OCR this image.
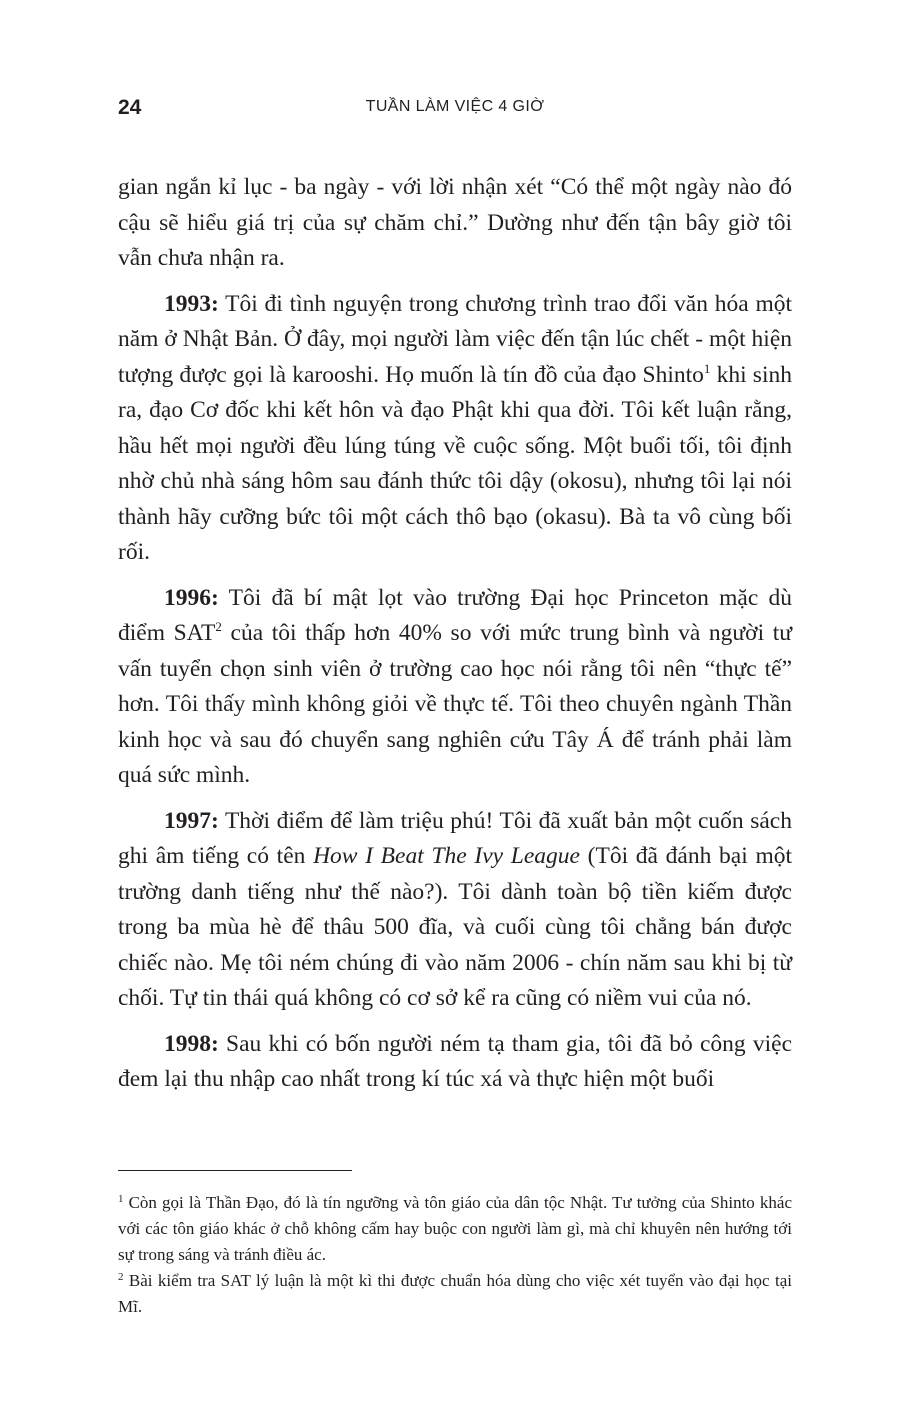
24	TUẦN LÀM VIỆC 4 GIỜ

gian ngắn kỉ lục - ba ngày - với lời nhận xét “Có thể một ngày nào đó cậu sẽ hiểu giá trị của sự chăm chỉ.” Dường như đến tận bây giờ tôi vẫn chưa nhận ra.

1993: Tôi đi tình nguyện trong chương trình trao đổi văn hóa một năm ở Nhật Bản. Ở đây, mọi người làm việc đến tận lúc chết - một hiện tượng được gọi là karooshi. Họ muốn là tín đồ của đạo Shinto$^1$ khi sinh ra, đạo Cơ đốc khi kết hôn và đạo Phật khi qua đời. Tôi kết luận rằng, hầu hết mọi người đều lúng túng về cuộc sống. Một buổi tối, tôi định nhờ chủ nhà sáng hôm sau đánh thức tôi dậy (okosu), nhưng tôi lại nói thành hãy cưỡng bức tôi một cách thô bạo (okasu). Bà ta vô cùng bối rối.

1996: Tôi đã bí mật lọt vào trường Đại học Princeton mặc dù điểm SAT$^2$ của tôi thấp hơn 40% so với mức trung bình và người tư vấn tuyển chọn sinh viên ở trường cao học nói rằng tôi nên “thực tế” hơn. Tôi thấy mình không giỏi về thực tế. Tôi theo chuyên ngành Thần kinh học và sau đó chuyển sang nghiên cứu Tây Á để tránh phải làm quá sức mình.

1997: Thời điểm để làm triệu phú! Tôi đã xuất bản một cuốn sách ghi âm tiếng có tên How I Beat The Ivy League (Tôi đã đánh bại một trường danh tiếng như thế nào?). Tôi dành toàn bộ tiền kiếm được trong ba mùa hè để thâu 500 đĩa, và cuối cùng tôi chẳng bán được chiếc nào. Mẹ tôi ném chúng đi vào năm 2006 - chín năm sau khi bị từ chối. Tự tin thái quá không có cơ sở kể ra cũng có niềm vui của nó.

1998: Sau khi có bốn người ném tạ tham gia, tôi đã bỏ công việc đem lại thu nhập cao nhất trong kí túc xá và thực hiện một buổi

$^1$ Còn gọi là Thần Đạo, đó là tín ngưỡng và tôn giáo của dân tộc Nhật. Tư tưởng của Shinto khác với các tôn giáo khác ở chỗ không cấm hay buộc con người làm gì, mà chỉ khuyên nên hướng tới sự trong sáng và tránh điều ác.

$^2$ Bài kiểm tra SAT lý luận là một kì thi được chuẩn hóa dùng cho việc xét tuyển vào đại học tại Mĩ.
